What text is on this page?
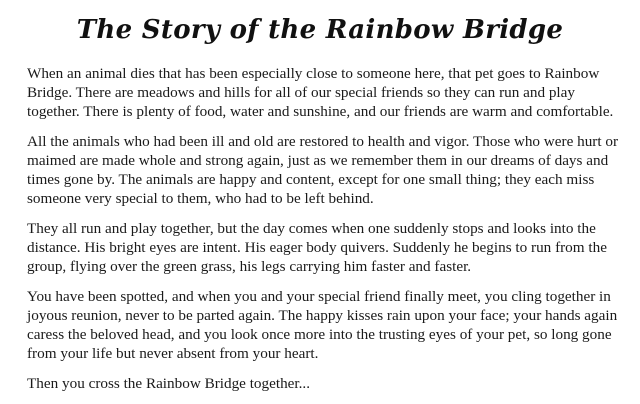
The Story of the Rainbow Bridge

When an animal dies that has been especially close to someone here, that pet goes to Rainbow Bridge. There are meadows and hills for all of our special friends so they can run and play together. There is plenty of food, water and sunshine, and our friends are warm and comfortable.

All the animals who had been ill and old are restored to health and vigor. Those who were hurt or maimed are made whole and strong again, just as we remember them in our dreams of days and times gone by. The animals are happy and content, except for one small thing; they each miss someone very special to them, who had to be left behind.

They all run and play together, but the day comes when one suddenly stops and looks into the distance. His bright eyes are intent. His eager body quivers. Suddenly he begins to run from the group, flying over the green grass, his legs carrying him faster and faster.

You have been spotted, and when you and your special friend finally meet, you cling together in joyous reunion, never to be parted again. The happy kisses rain upon your face; your hands again caress the beloved head, and you look once more into the trusting eyes of your pet, so long gone from your life but never absent from your heart.

Then you cross the Rainbow Bridge together...
